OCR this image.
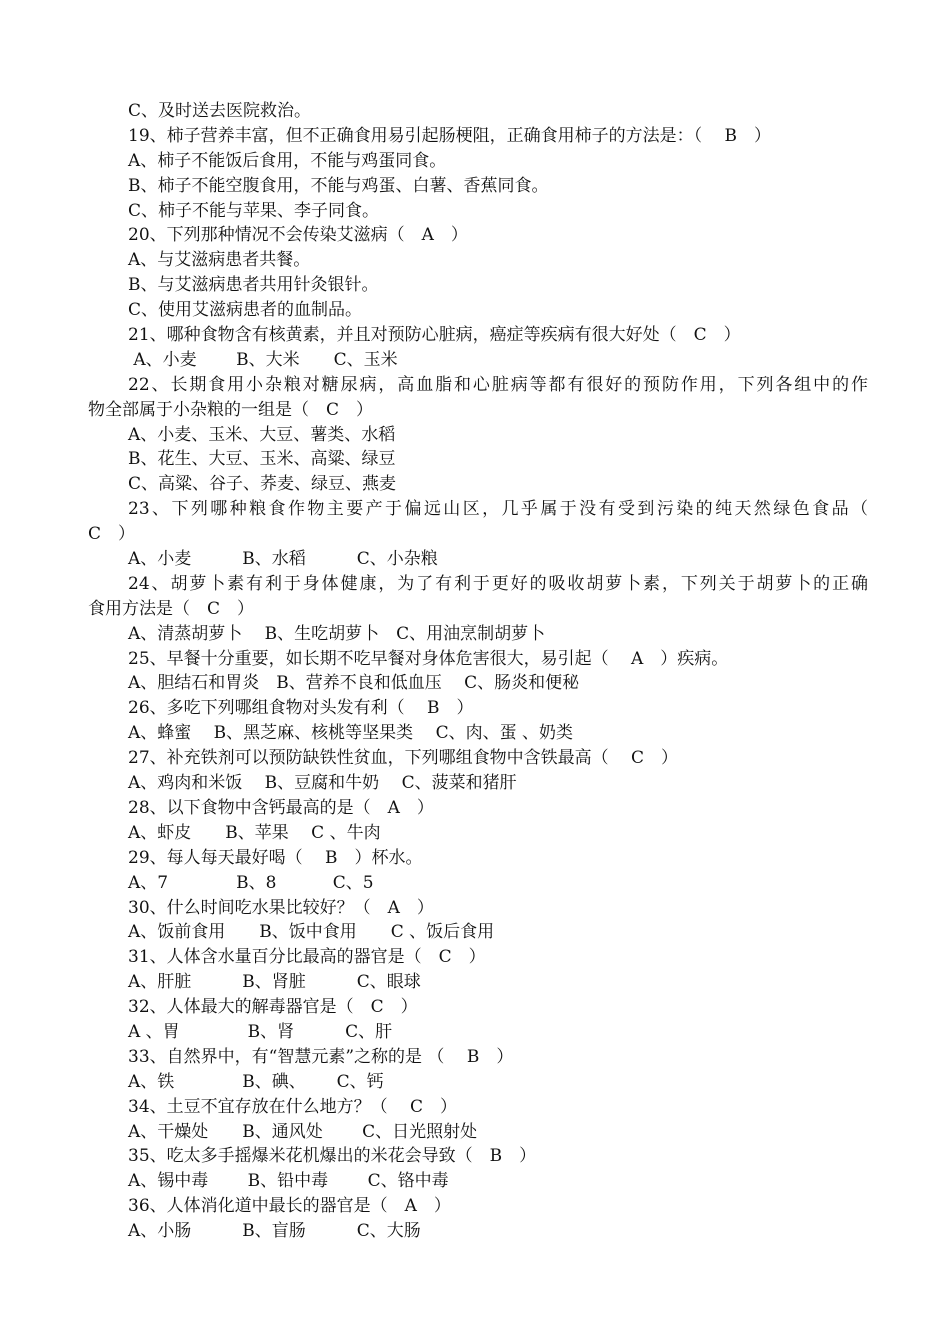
C、及时送去医院救治。
19、柿子营养丰富，但不正确食用易引起肠梗阻，正确食用柿子的方法是：（　 B　）
A、柿子不能饭后食用，不能与鸡蛋同食。
B、柿子不能空腹食用，不能与鸡蛋、白薯、香蕉同食。
C、柿子不能与苹果、李子同食。
20、下列那种情况不会传染艾滋病（　A　）
A、与艾滋病患者共餐。
B、与艾滋病患者共用针灸银针。
C、使用艾滋病患者的血制品。
21、哪种食物含有核黄素，并且对预防心脏病，癌症等疾病有很大好处（　C　）
A、小麦　　 B、大米　　C、玉米
22、长期食用小杂粮对糖尿病，高血脂和心脏病等都有很好的预防作用，下列各组中的作
物全部属于小杂粮的一组是（　C　）
A、小麦、玉米、大豆、薯类、水稻
B、花生、大豆、玉米、高粱、绿豆
C、高粱、谷子、荞麦、绿豆、燕麦
23、下列哪种粮食作物主要产于偏远山区，几乎属于没有受到污染的纯天然绿色食品（
C　）
A、小麦　　　B、水稻　　　C、小杂粮
24、胡萝卜素有利于身体健康，为了有利于更好的吸收胡萝卜素，下列关于胡萝卜的正确
食用方法是（　C　）
A、清蒸胡萝卜　 B、生吃胡萝卜　C、用油烹制胡萝卜
25、早餐十分重要，如长期不吃早餐对身体危害很大，易引起（　 A　）疾病。
A、胆结石和胃炎　B、营养不良和低血压　 C、肠炎和便秘
26、多吃下列哪组食物对头发有利（　 B　）
A、蜂蜜　 B、黑芝麻、核桃等坚果类　 C、肉、蛋 、奶类
27、补充铁剂可以预防缺铁性贫血，下列哪组食物中含铁最高（　 C　）
A、鸡肉和米饭　 B、豆腐和牛奶　 C、菠菜和猪肝
28、以下食物中含钙最高的是（　A　）
A、虾皮　　B、苹果　 C 、牛肉
29、每人每天最好喝（　 B　）杯水。
A、7　　　　B、8　　　 C、5
30、什么时间吃水果比较好？（　A　）
A、饭前食用　　B、饭中食用　　C 、饭后食用
31、人体含水量百分比最高的器官是（　C　）
A、肝脏　　　B、肾脏　　　C、眼球
32、人体最大的解毒器官是（　C　）
A 、胃　　　　B、肾　　　C、肝
33、自然界中，有“智慧元素”之称的是 （　 B　）
A、铁　　　　B、碘、　　 C、钙
34、土豆不宜存放在什么地方？（　 C　）
A、干燥处　　B、通风处　　 C、日光照射处
35、吃太多手摇爆米花机爆出的米花会导致（　B　）
A、锡中毒　　 B、铅中毒　　 C、铬中毒
36、人体消化道中最长的器官是（　A　）
A、小肠　　　B、盲肠　　　C、大肠
